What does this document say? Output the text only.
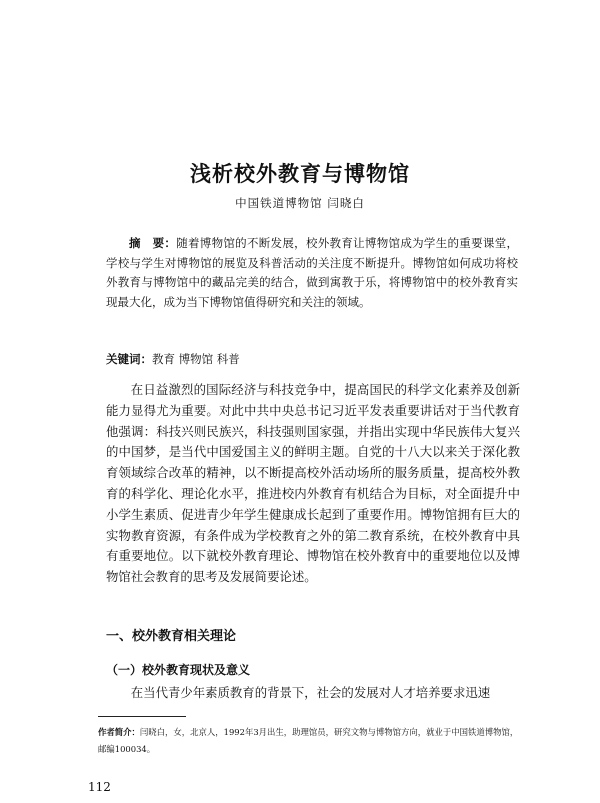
浅析校外教育与博物馆
中国铁道博物馆 闫晓白

摘　要：随着博物馆的不断发展，校外教育让博物馆成为学生的重要课堂，学校与学生对博物馆的展览及科普活动的关注度不断提升。博物馆如何成功将校外教育与博物馆中的藏品完美的结合，做到寓教于乐，将博物馆中的校外教育实现最大化，成为当下博物馆值得研究和关注的领域。

关键词：教育 博物馆 科普

在日益激烈的国际经济与科技竞争中，提高国民的科学文化素养及创新能力显得尤为重要。对此中共中央总书记习近平发表重要讲话对于当代教育他强调：科技兴则民族兴，科技强则国家强，并指出实现中华民族伟大复兴的中国梦，是当代中国爱国主义的鲜明主题。自党的十八大以来关于深化教育领域综合改革的精神，以不断提高校外活动场所的服务质量，提高校外教育的科学化、理论化水平，推进校内外教育有机结合为目标，对全面提升中小学生素质、促进青少年学生健康成长起到了重要作用。博物馆拥有巨大的实物教育资源，有条件成为学校教育之外的第二教育系统，在校外教育中具有重要地位。以下就校外教育理论、博物馆在校外教育中的重要地位以及博物馆社会教育的思考及发展简要论述。

一、校外教育相关理论
（一）校外教育现状及意义

在当代青少年素质教育的背景下，社会的发展对人才培养要求迅速

作者简介：闫晓白，女，北京人，1992年3月出生，助理馆员，研究文物与博物馆方向，就业于中国铁道博物馆，邮编100034。

112
